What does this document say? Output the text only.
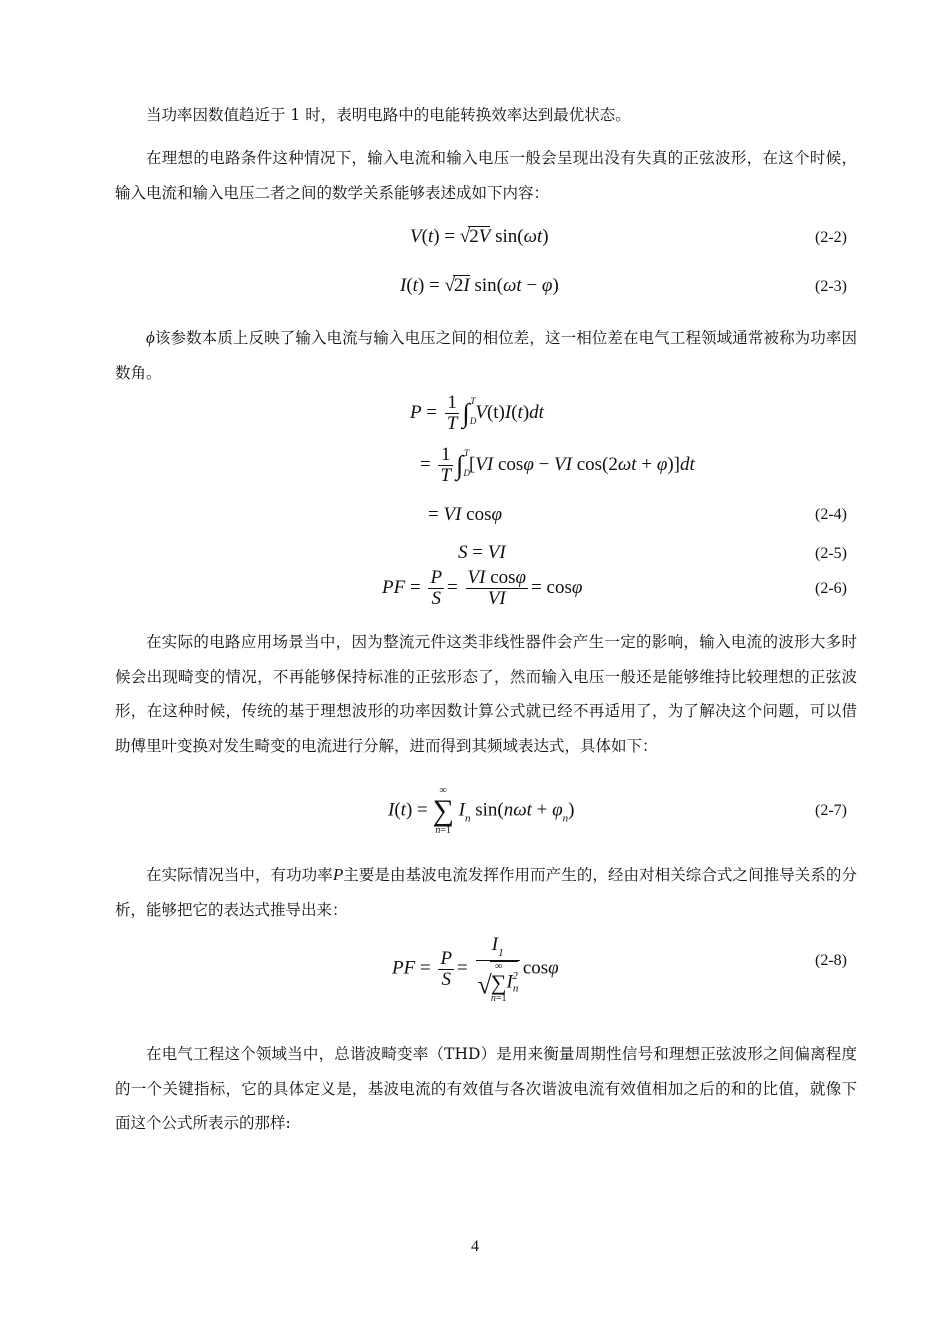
当功率因数值趋近于 1 时，表明电路中的电能转换效率达到最优状态。

在理想的电路条件这种情况下，输入电流和输入电压一般会呈现出没有失真的正弦波形，在这个时候，输入电流和输入电压二者之间的数学关系能够表述成如下内容：

V(t) = √2V sin(ωt)	(2-2)
I(t) = √2I sin(ωt − φ)	(2-3)

ϕ该参数本质上反映了输入电流与输入电压之间的相位差，这一相位差在电气工程领域通常被称为功率因数角。

$P = \frac{1}{T} \int_D^TV(t)I(t)dt$
= $\frac{1}{T} \int_D^T[VI$ cosφ − VI cos(2ωt + φ)]dt
= VI cosφ	(2-4)
S = VI	(2-5)
PF = $\frac{P}{S} = \frac{\text{VI cosφ}}{VI} = \cos\varphi$	(2-6)

在实际的电路应用场景当中，因为整流元件这类非线性器件会产生一定的影响，输入电流的波形大多时候会出现畸变的情况，不再能够保持标准的正弦形态了，然而输入电压一般还是能够维持比较理想的正弦波形，在这种时候，传统的基于理想波形的功率因数计算公式就已经不再适用了，为了解决这个问题，可以借助傅里叶变换对发生畸变的电流进行分解，进而得到其频域表达式，具体如下：

I(t) =
∞
∑
n=1
$I_n$ $\sin(n\omega t + \varphi_n)$	(2-7)

在实际情况当中，有功功率P主要是由基波电流发挥作用而产生的，经由对相关综合式之间推导关系的分析，能够把它的表达式推导出来：

PF = $\frac{P}{S} = I_1$
√
∞
∑
n=1
$I_n^2$ cosφ	(2-8)

在电气工程这个领域当中，总谐波畸变率（THD）是用来衡量周期性信号和理想正弦波形之间偏离程度的一个关键指标，它的具体定义是，基波电流的有效值与各次谐波电流有效值相加之后的和的比值，就像下面这个公式所表示的那样:

4
